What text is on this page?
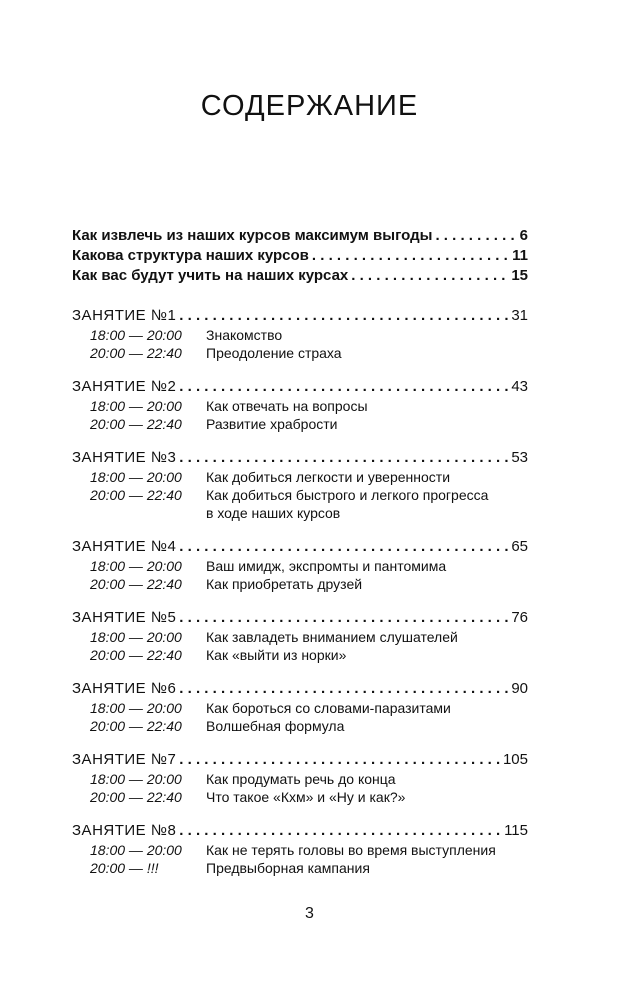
СОДЕРЖАНИЕ
Как извлечь из наших курсов максимум выгоды . . .	6
Какова структура наших курсов . . .	11
Как вас будут учить на наших курсах . . .	15
ЗАНЯТИЕ №1 . . .	31
18:00 — 20:00	Знакомство
20:00 — 22:40	Преодоление страха
ЗАНЯТИЕ №2 . . .	43
18:00 — 20:00	Как отвечать на вопросы
20:00 — 22:40	Развитие храбрости
ЗАНЯТИЕ №3 . . .	53
18:00 — 20:00	Как добиться легкости и уверенности
20:00 — 22:40	Как добиться быстрого и легкого прогресса
в ходе наших курсов
ЗАНЯТИЕ №4 . . .	65
18:00 — 20:00	Ваш имидж, экспромты и пантомима
20:00 — 22:40	Как приобретать друзей
ЗАНЯТИЕ №5 . . .	76
18:00 — 20:00	Как завладеть вниманием слушателей
20:00 — 22:40	Как «выйти из норки»
ЗАНЯТИЕ №6 . . .	90
18:00 — 20:00	Как бороться со словами-паразитами
20:00 — 22:40	Волшебная формула
ЗАНЯТИЕ №7 . . .	105
18:00 — 20:00	Как продумать речь до конца
20:00 — 22:40	Что такое «Кхм» и «Ну и как?»
ЗАНЯТИЕ №8 . . .	115
18:00 — 20:00	Как не терять головы во время выступления
20:00 — !!!	Предвыборная кампания
3
